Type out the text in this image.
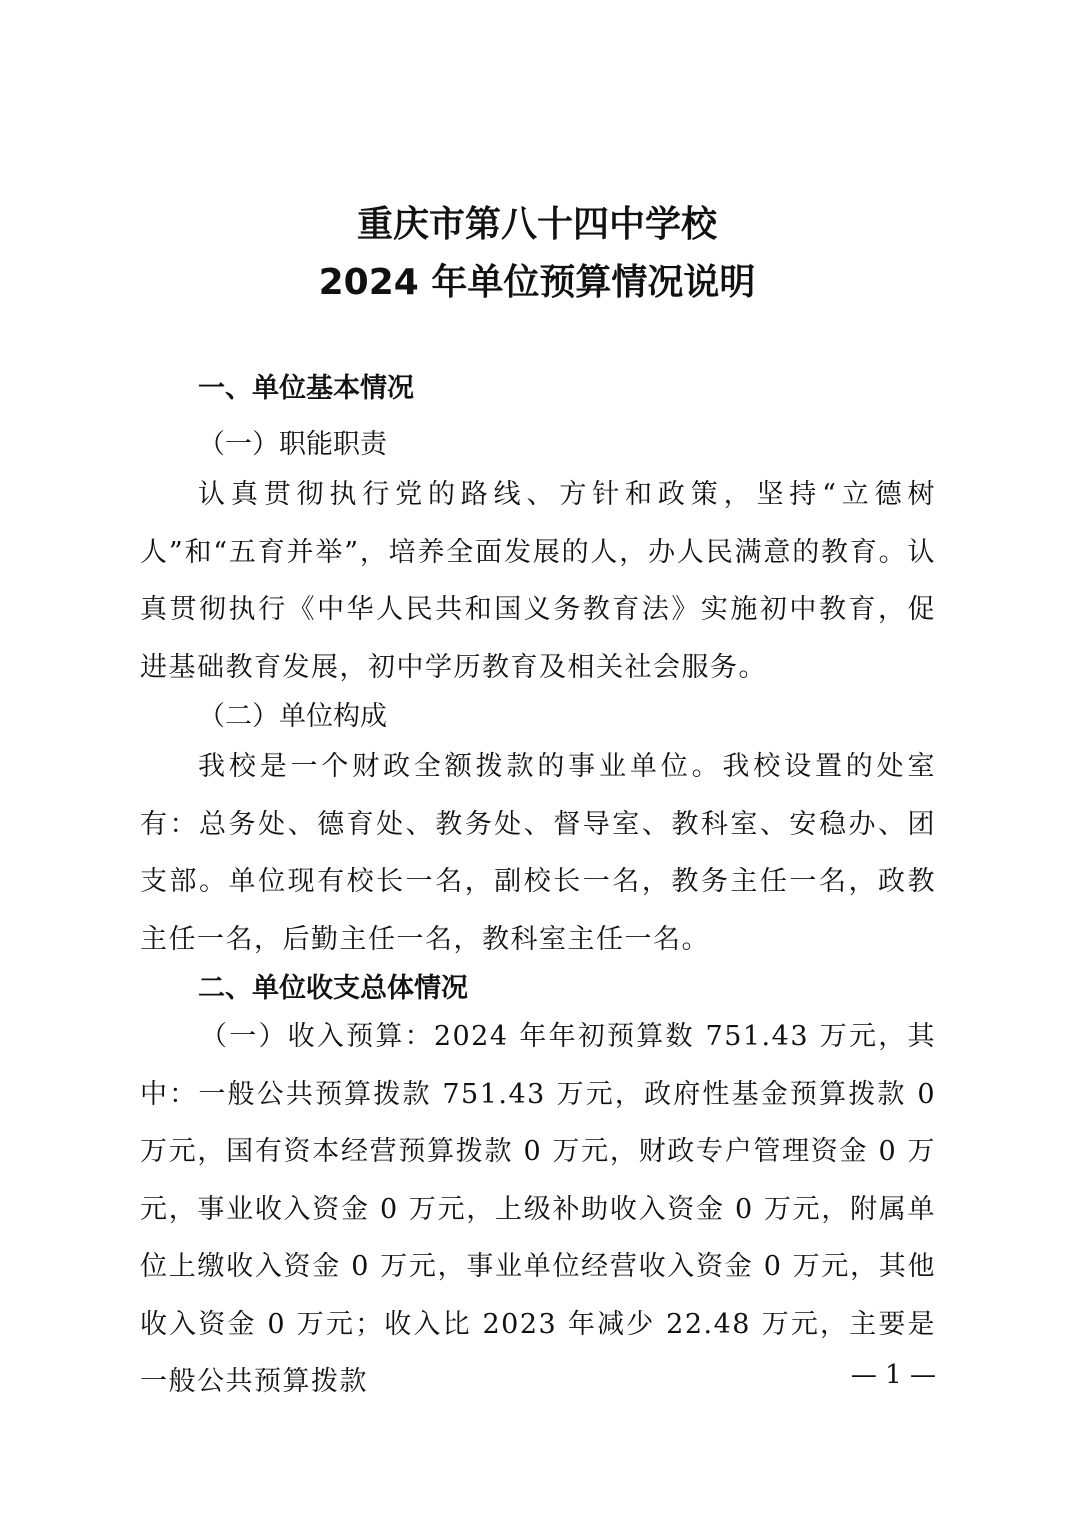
重庆市第八十四中学校
2024 年单位预算情况说明
一、单位基本情况
（一）职能职责
认真贯彻执行党的路线、方针和政策，坚持“立德树人”和“五育并举”，培养全面发展的人，办人民满意的教育。认真贯彻执行《中华人民共和国义务教育法》实施初中教育，促进基础教育发展，初中学历教育及相关社会服务。
（二）单位构成
我校是一个财政全额拨款的事业单位。我校设置的处室有：总务处、德育处、教务处、督导室、教科室、安稳办、团支部。单位现有校长一名，副校长一名，教务主任一名，政教主任一名，后勤主任一名，教科室主任一名。
二、单位收支总体情况
（一）收入预算：2024 年年初预算数 751.43 万元，其中：一般公共预算拨款 751.43 万元，政府性基金预算拨款 0 万元，国有资本经营预算拨款 0 万元，财政专户管理资金 0 万元，事业收入资金 0 万元，上级补助收入资金 0 万元，附属单位上缴收入资金 0 万元，事业单位经营收入资金 0 万元，其他收入资金 0 万元；收入比 2023 年减少 22.48 万元，主要是一般公共预算拨款	— 1 —
